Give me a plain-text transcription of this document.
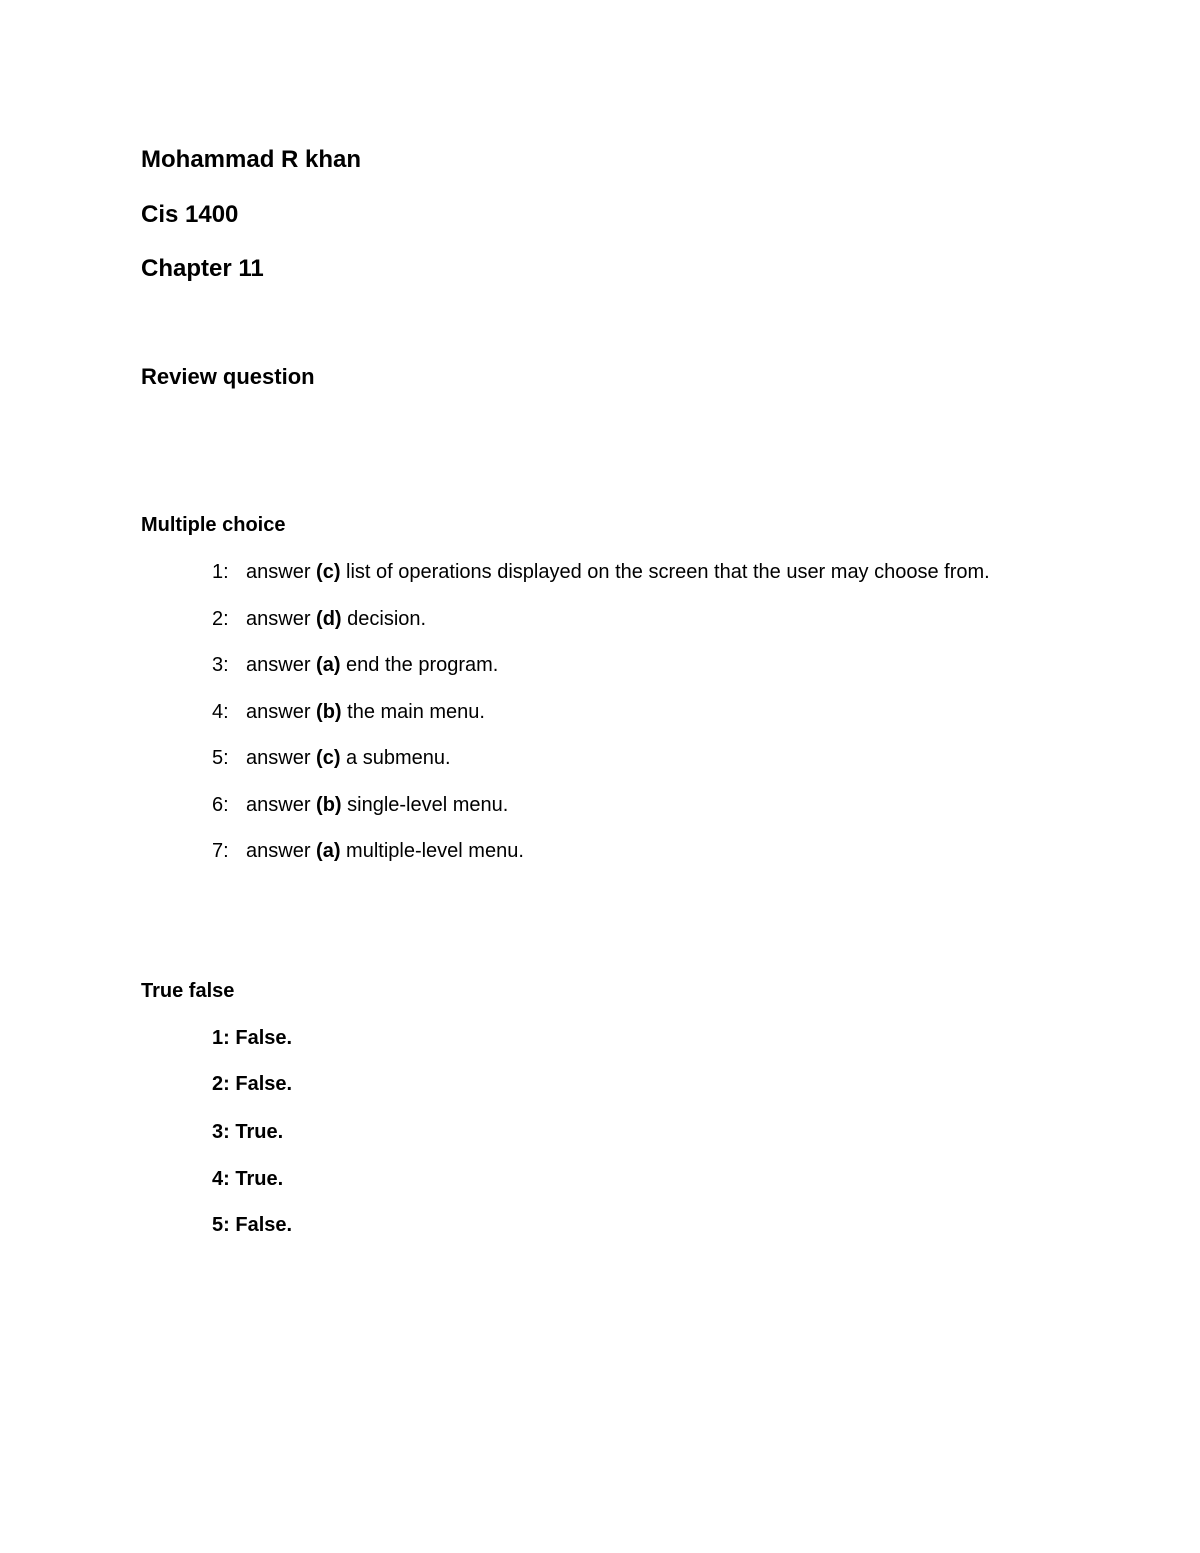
Mohammad R khan
Cis 1400
Chapter 11
Review question
Multiple choice
1: answer (c) list of operations displayed on the screen that the user may choose from.
2: answer (d) decision.
3: answer (a) end the program.
4: answer (b) the main menu.
5: answer (c) a submenu.
6: answer (b) single-level menu.
7: answer (a) multiple-level menu.
True false
1: False.
2: False.
3: True.
4: True.
5: False.
